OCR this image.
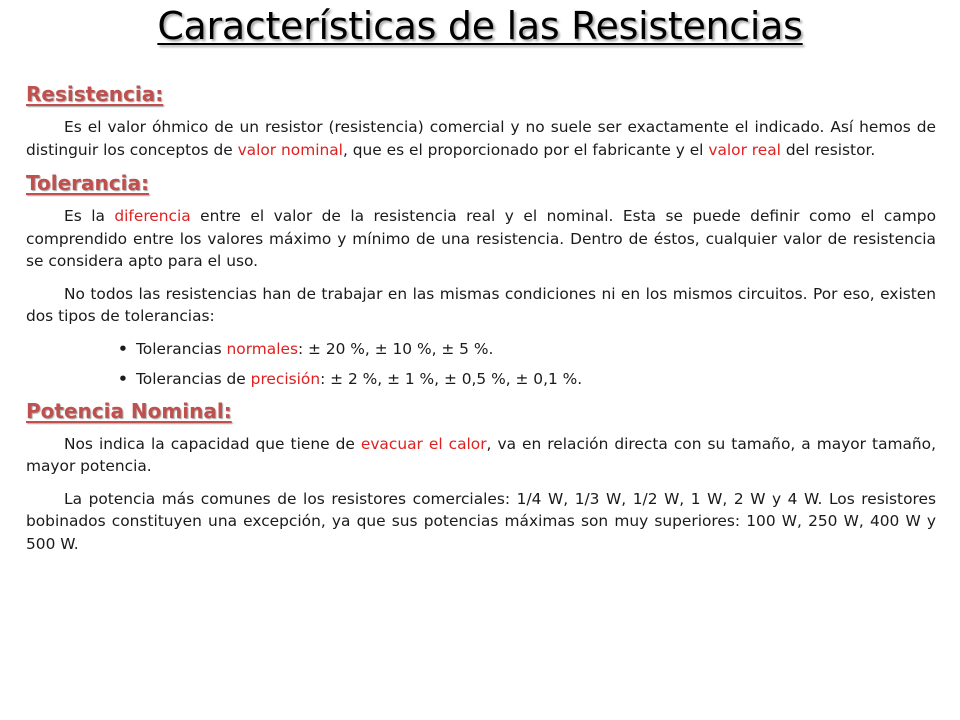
Características de las Resistencias
Resistencia:

Es el valor óhmico de un resistor (resistencia) comercial y no suele ser exactamente el indicado. Así hemos de distinguir los conceptos de valor nominal, que es el proporcionado por el fabricante y el valor real del resistor.

Tolerancia:

Es la diferencia entre el valor de la resistencia real y el nominal. Esta se puede definir como el campo comprendido entre los valores máximo y mínimo de una resistencia. Dentro de éstos, cualquier valor de resistencia se considera apto para el uso.

No todos las resistencias han de trabajar en las mismas condiciones ni en los mismos circuitos. Por eso, existen dos tipos de tolerancias:

• Tolerancias normales: ± 20 %, ± 10 %, ± 5 %.
• Tolerancias de precisión: ± 2 %, ± 1 %, ± 0,5 %, ± 0,1 %.
Potencia Nominal:

Nos indica la capacidad que tiene de evacuar el calor, va en relación directa con su tamaño, a mayor tamaño, mayor potencia.

La potencia más comunes de los resistores comerciales: 1/4 W, 1/3 W, 1/2 W, 1 W, 2 W y 4 W. Los resistores bobinados constituyen una excepción, ya que sus potencias máximas son muy superiores: 100 W, 250 W, 400 W y 500 W.
